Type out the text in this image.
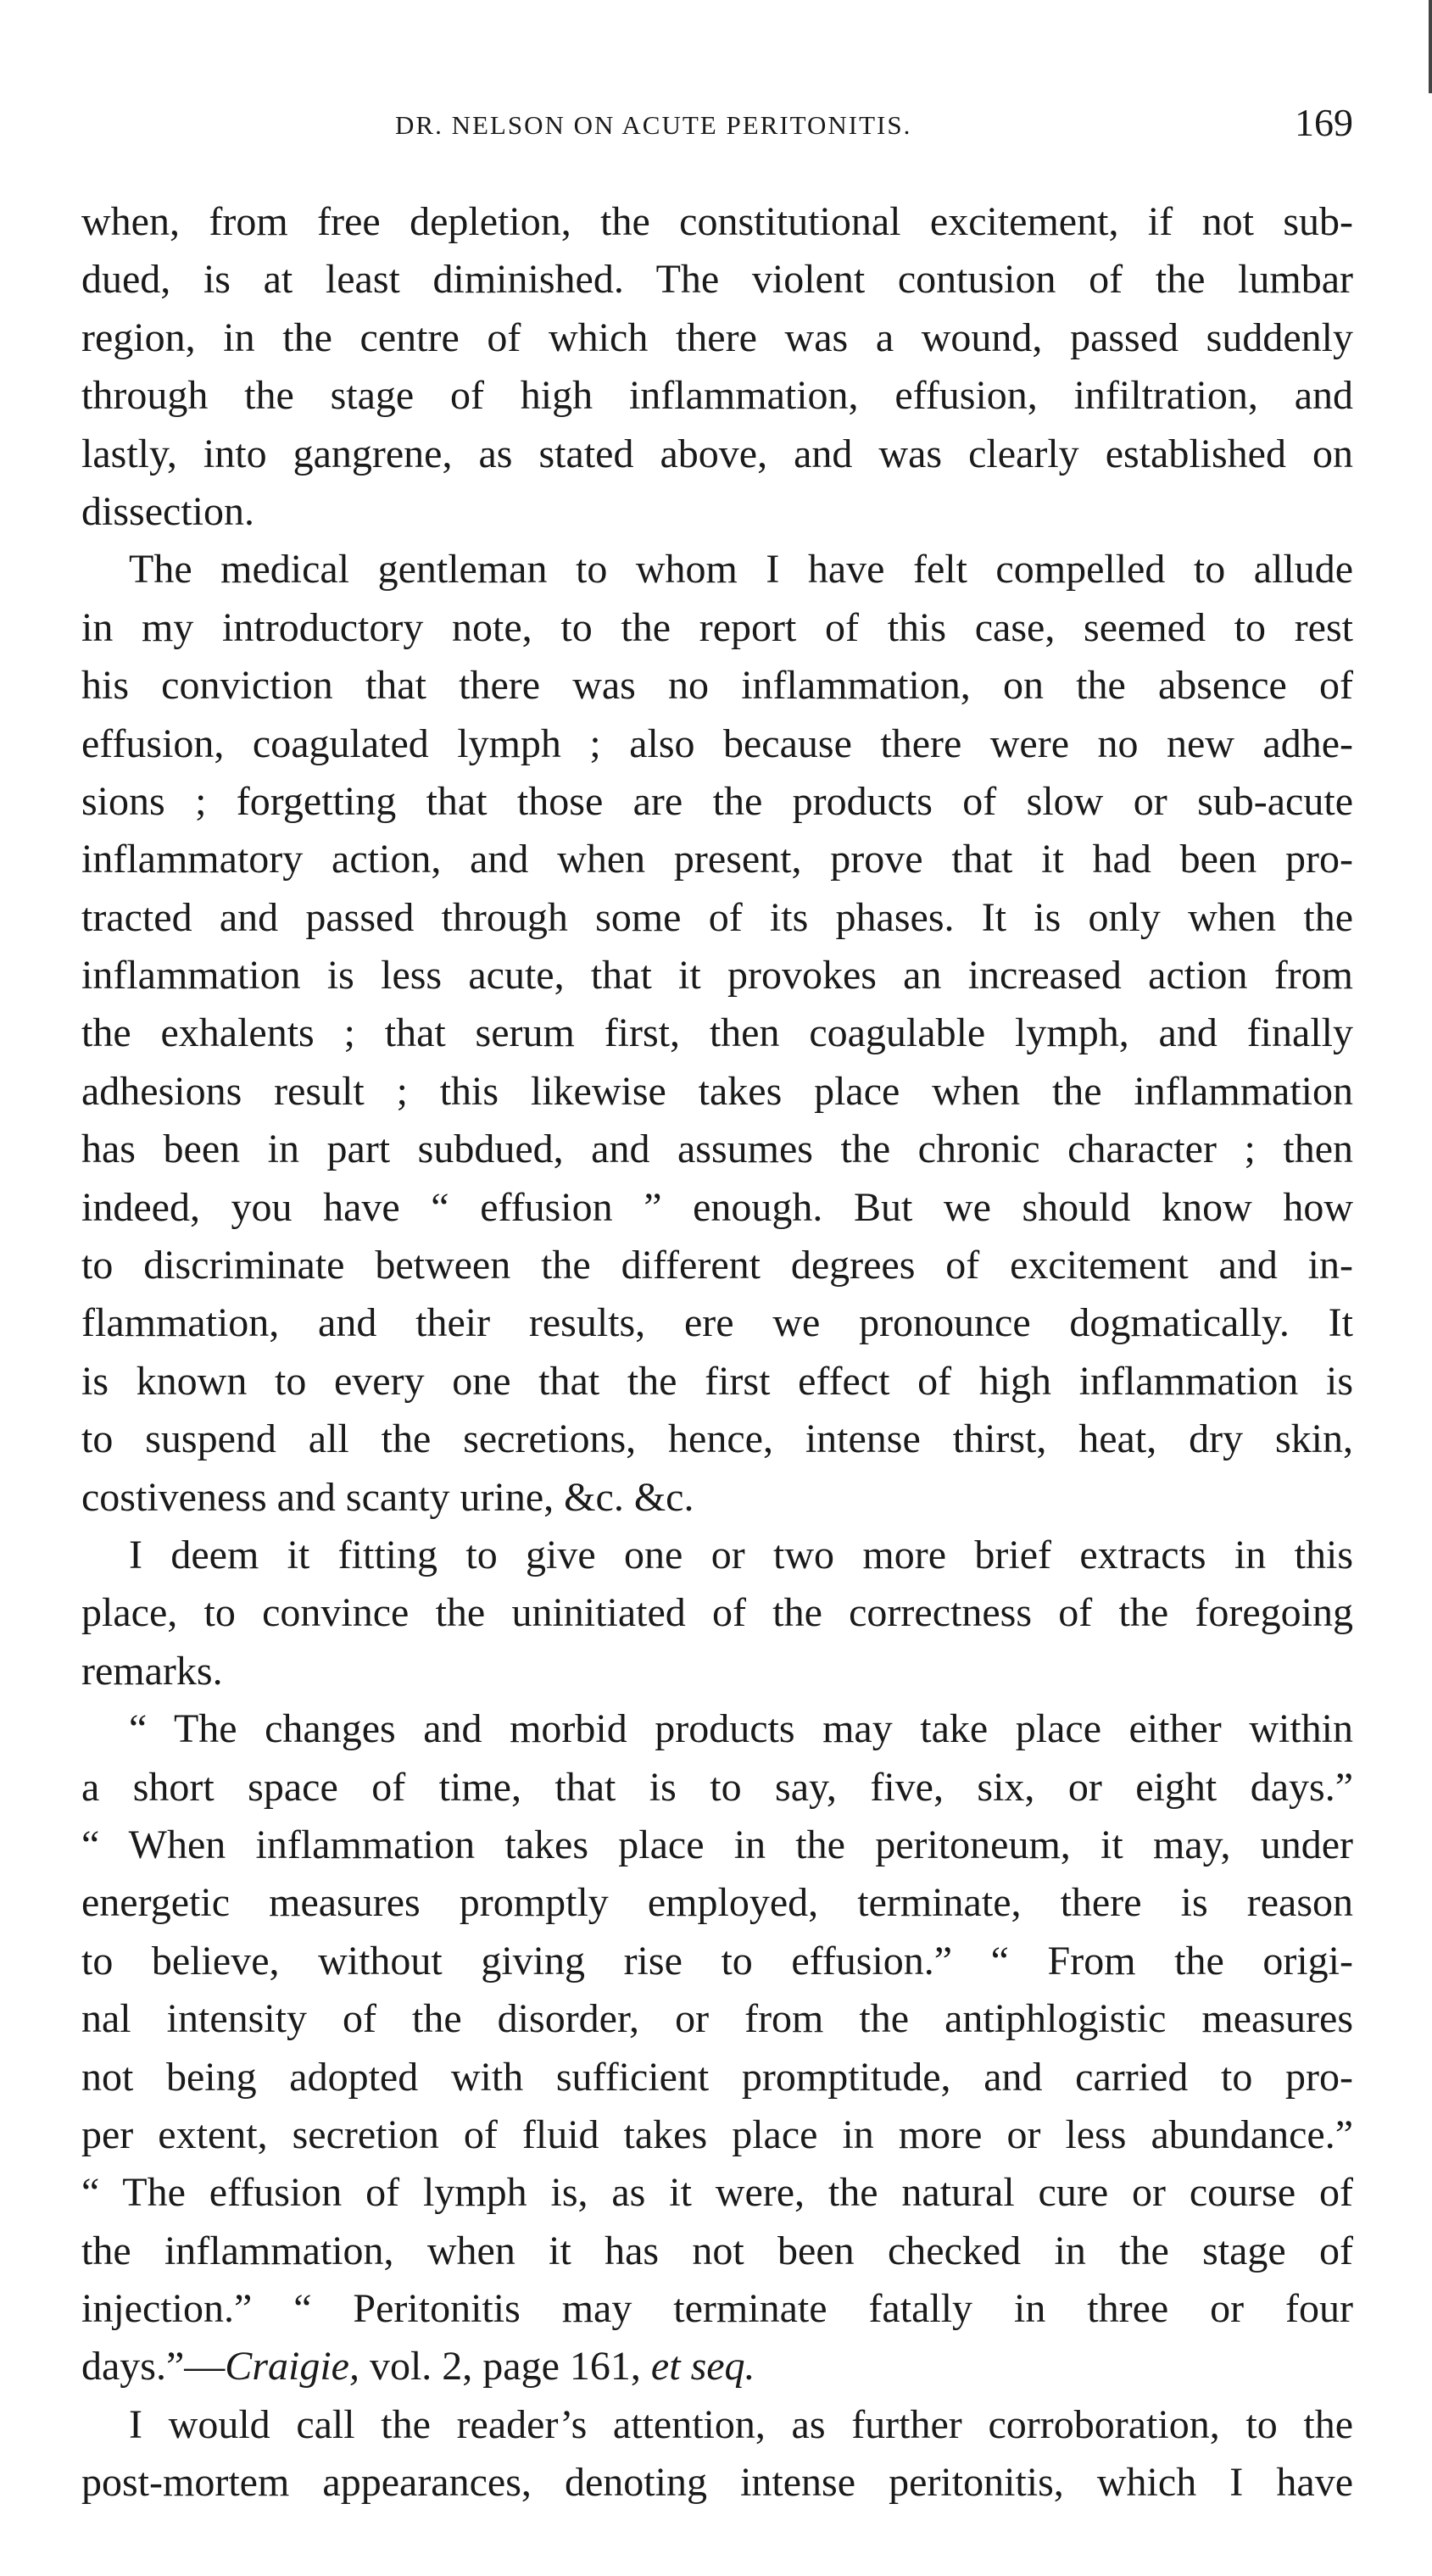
DR. NELSON ON ACUTE PERITONITIS.	169
when, from free depletion, the constitutional excitement, if not sub-
dued, is at least diminished. The violent contusion of the lumbar
region, in the centre of which there was a wound, passed suddenly
through the stage of high inflammation, effusion, infiltration, and
lastly, into gangrene, as stated above, and was clearly established on
dissection.
The medical gentleman to whom I have felt compelled to allude
in my introductory note, to the report of this case, seemed to rest
his conviction that there was no inflammation, on the absence of
effusion, coagulated lymph ; also because there were no new adhe-
sions ; forgetting that those are the products of slow or sub-acute
inflammatory action, and when present, prove that it had been pro-
tracted and passed through some of its phases. It is only when the
inflammation is less acute, that it provokes an increased action from
the exhalents ; that serum first, then coagulable lymph, and finally
adhesions result ; this likewise takes place when the inflammation
has been in part subdued, and assumes the chronic character ; then
indeed, you have “ effusion ” enough. But we should know how
to discriminate between the different degrees of excitement and in-
flammation, and their results, ere we pronounce dogmatically. It
is known to every one that the first effect of high inflammation is
to suspend all the secretions, hence, intense thirst, heat, dry skin,
costiveness and scanty urine, &c. &c.
I deem it fitting to give one or two more brief extracts in this
place, to convince the uninitiated of the correctness of the foregoing
remarks.
“ The changes and morbid products may take place either within
a short space of time, that is to say, five, six, or eight days.”
“ When inflammation takes place in the peritoneum, it may, under
energetic measures promptly employed, terminate, there is reason
to believe, without giving rise to effusion.” “ From the origi-
nal intensity of the disorder, or from the antiphlogistic measures
not being adopted with sufficient promptitude, and carried to pro-
per extent, secretion of fluid takes place in more or less abundance.”
“ The effusion of lymph is, as it were, the natural cure or course of
the inflammation, when it has not been checked in the stage of
injection.” “ Peritonitis may terminate fatally in three or four
days.”—Craigie, vol. 2, page 161, et seq.
I would call the reader’s attention, as further corroboration, to the
post-mortem appearances, denoting intense peritonitis, which I have
